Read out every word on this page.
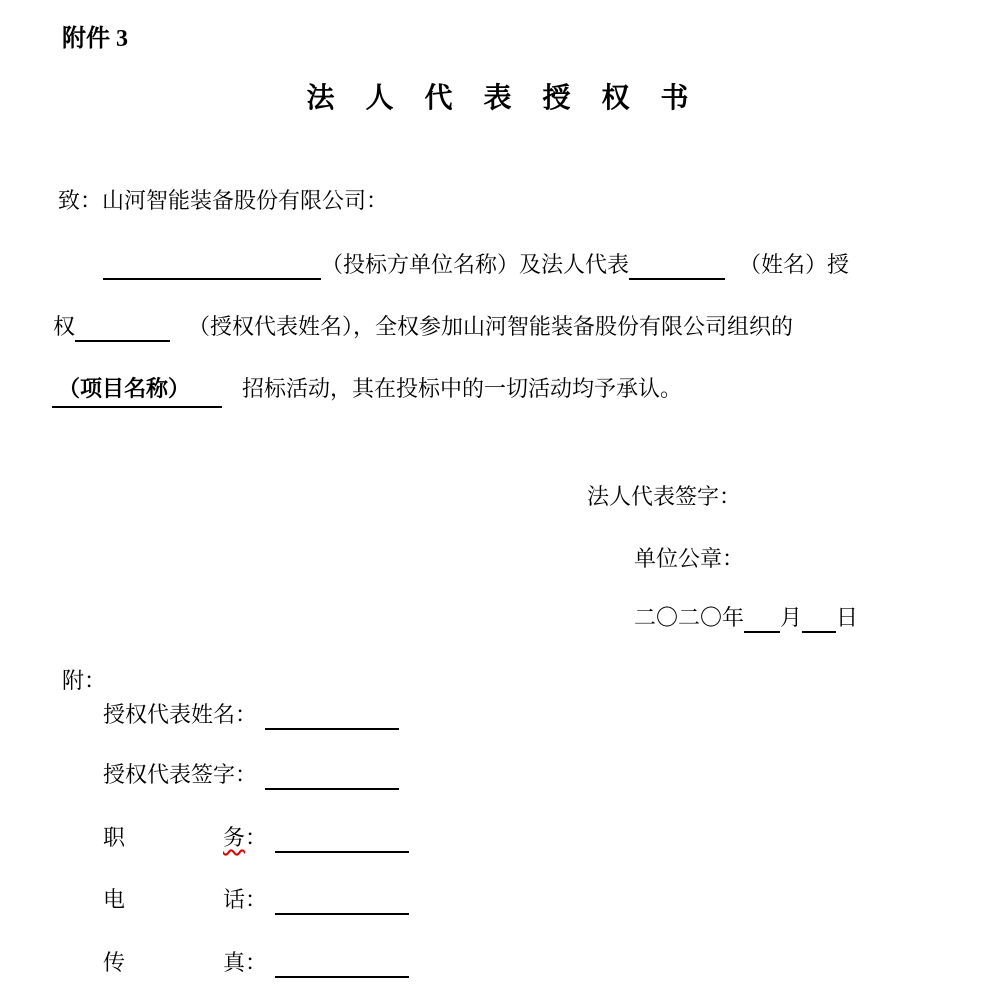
附件 3
法 人 代 表 授 权 书
致：山河智能装备股份有限公司：
（投标方单位名称）及法人代表	（姓名）授
权	（授权代表姓名），全权参加山河智能装备股份有限公司组织的
（项目名称） 招标活动，其在投标中的一切活动均予承认。
法人代表签字：
单位公章：
二〇二〇年 月 日
附：
授权代表姓名：
授权代表签字：
职	务：
电	话：
传	真：
